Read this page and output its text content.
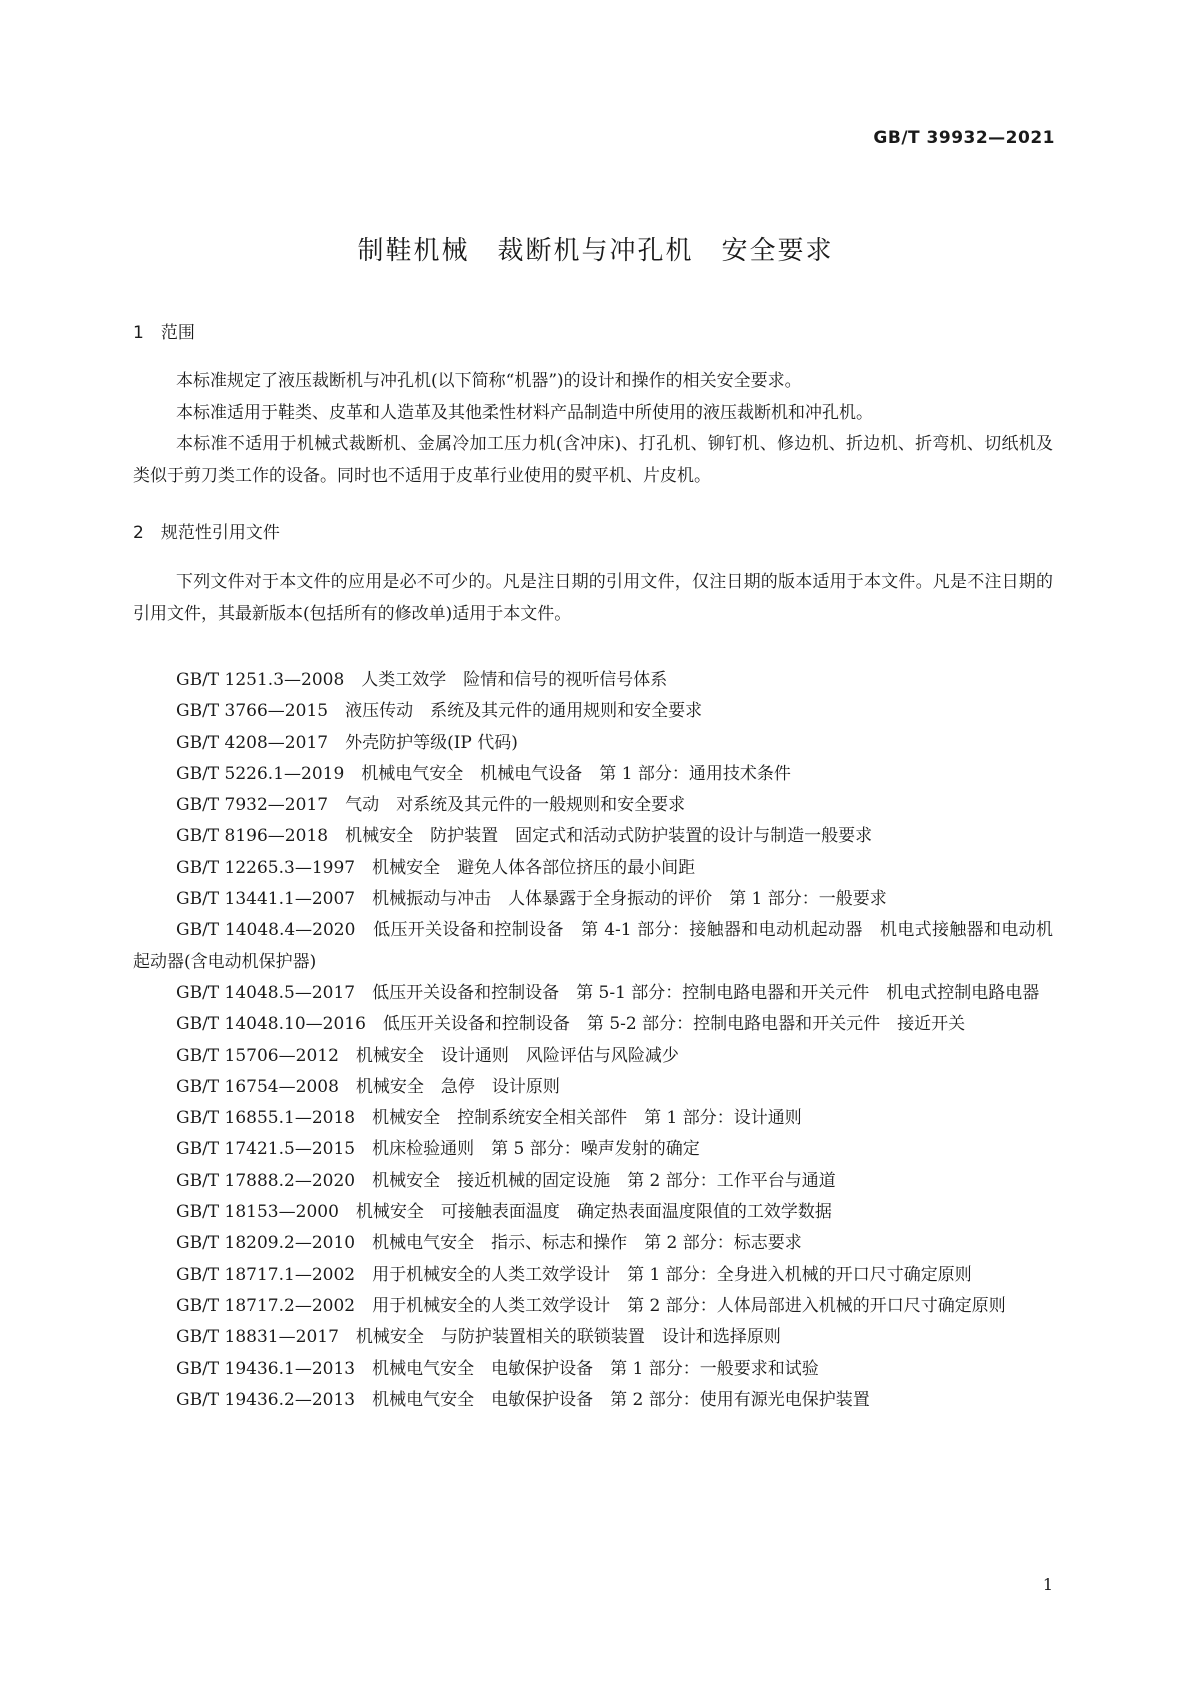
GB/T 39932—2021
制鞋机械　裁断机与冲孔机　安全要求
1　范围

本标准规定了液压裁断机与冲孔机(以下简称“机器”)的设计和操作的相关安全要求。

本标准适用于鞋类、皮革和人造革及其他柔性材料产品制造中所使用的液压裁断机和冲孔机。

本标准不适用于机械式裁断机、金属冷加工压力机(含冲床)、打孔机、铆钉机、修边机、折边机、折弯机、切纸机及类似于剪刀类工作的设备。同时也不适用于皮革行业使用的熨平机、片皮机。

2　规范性引用文件

下列文件对于本文件的应用是必不可少的。凡是注日期的引用文件，仅注日期的版本适用于本文件。凡是不注日期的引用文件，其最新版本(包括所有的修改单)适用于本文件。

GB/T 1251.3—2008　人类工效学　险情和信号的视听信号体系
GB/T 3766—2015　液压传动　系统及其元件的通用规则和安全要求
GB/T 4208—2017　外壳防护等级(IP 代码)
GB/T 5226.1—2019　机械电气安全　机械电气设备　第 1 部分：通用技术条件
GB/T 7932—2017　气动　对系统及其元件的一般规则和安全要求
GB/T 8196—2018　机械安全　防护装置　固定式和活动式防护装置的设计与制造一般要求
GB/T 12265.3—1997　机械安全　避免人体各部位挤压的最小间距
GB/T 13441.1—2007　机械振动与冲击　人体暴露于全身振动的评价　第 1 部分：一般要求
GB/T 14048.4—2020　低压开关设备和控制设备　第 4-1 部分：接触器和电动机起动器　机电式接触器和电动机起动器(含电动机保护器)
GB/T 14048.5—2017　低压开关设备和控制设备　第 5-1 部分：控制电路电器和开关元件　机电式控制电路电器
GB/T 14048.10—2016　低压开关设备和控制设备　第 5-2 部分：控制电路电器和开关元件　接近开关
GB/T 15706—2012　机械安全　设计通则　风险评估与风险减少
GB/T 16754—2008　机械安全　急停　设计原则
GB/T 16855.1—2018　机械安全　控制系统安全相关部件　第 1 部分：设计通则
GB/T 17421.5—2015　机床检验通则　第 5 部分：噪声发射的确定
GB/T 17888.2—2020　机械安全　接近机械的固定设施　第 2 部分：工作平台与通道
GB/T 18153—2000　机械安全　可接触表面温度　确定热表面温度限值的工效学数据
GB/T 18209.2—2010　机械电气安全　指示、标志和操作　第 2 部分：标志要求
GB/T 18717.1—2002　用于机械安全的人类工效学设计　第 1 部分：全身进入机械的开口尺寸确定原则
GB/T 18717.2—2002　用于机械安全的人类工效学设计　第 2 部分：人体局部进入机械的开口尺寸确定原则
GB/T 18831—2017　机械安全　与防护装置相关的联锁装置　设计和选择原则
GB/T 19436.1—2013　机械电气安全　电敏保护设备　第 1 部分：一般要求和试验
GB/T 19436.2—2013　机械电气安全　电敏保护设备　第 2 部分：使用有源光电保护装置
1
